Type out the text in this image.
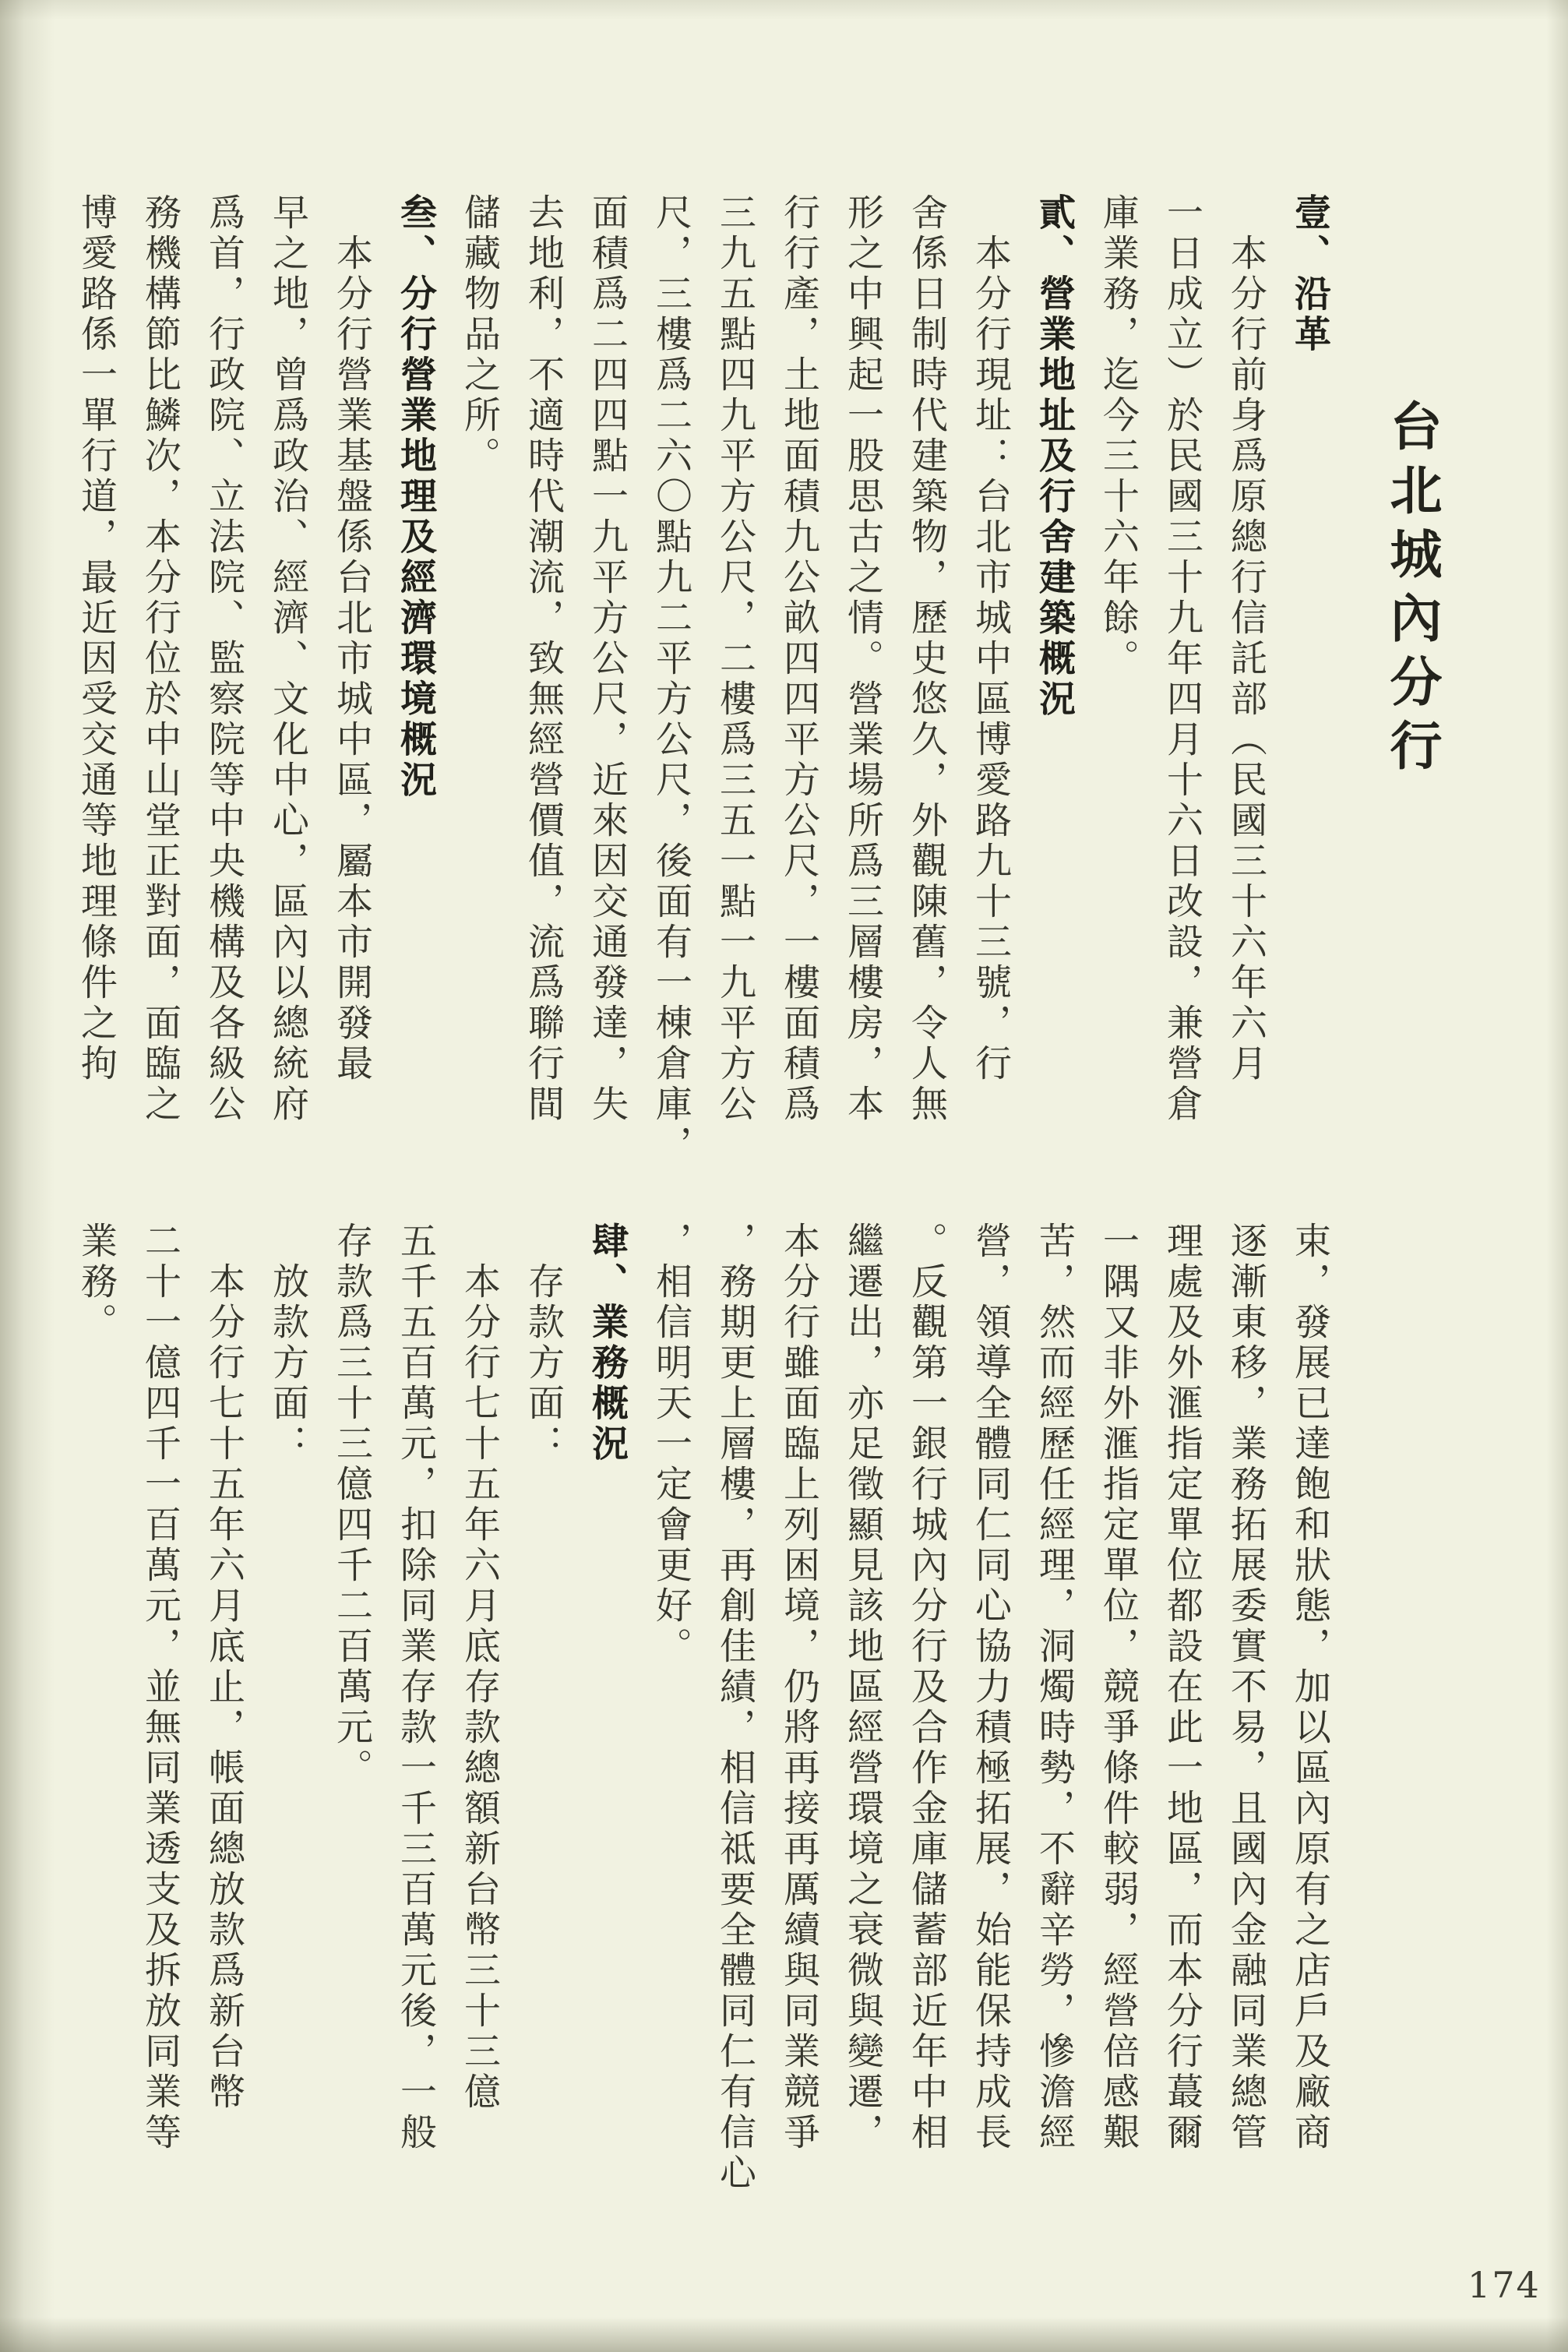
台北城內分行
壹、沿革
　本分行前身爲原總行信託部（民國三十六年六月
一日成立）於民國三十九年四月十六日改設，兼營倉
庫業務，迄今三十六年餘。
貳、營業地址及行舍建築概況
　本分行現址：台北市城中區博愛路九十三號，行
舍係日制時代建築物，歷史悠久，外觀陳舊，令人無
形之中興起一股思古之情。營業場所爲三層樓房，本
行行產，土地面積九公畝四四平方公尺，一樓面積爲
三九五點四九平方公尺，二樓爲三五一點一九平方公
尺，三樓爲二六〇點九二平方公尺，後面有一棟倉庫，
面積爲二四四點一九平方公尺，近來因交通發達，失
去地利，不適時代潮流，致無經營價值，流爲聯行間
儲藏物品之所。
叁、分行營業地理及經濟環境概況
　本分行營業基盤係台北市城中區，屬本市開發最
早之地，曾爲政治、經濟、文化中心，區內以總統府
爲首，行政院、立法院、監察院等中央機構及各級公
務機構節比鱗次，本分行位於中山堂正對面，面臨之
博愛路係一單行道，最近因受交通等地理條件之拘
束，發展已達飽和狀態，加以區內原有之店戶及廠商
逐漸東移，業務拓展委實不易，且國內金融同業總管
理處及外滙指定單位都設在此一地區，而本分行蕞爾
一隅又非外滙指定單位，競爭條件較弱，經營倍感艱
苦，然而經歷任經理，洞燭時勢，不辭辛勞，慘澹經
營，領導全體同仁同心協力積極拓展，始能保持成長
。反觀第一銀行城內分行及合作金庫儲蓄部近年中相
繼遷出，亦足徵顯見該地區經營環境之衰微與變遷，
本分行雖面臨上列困境，仍將再接再厲續與同業競爭
，務期更上層樓，再創佳績，相信祗要全體同仁有信心
，相信明天一定會更好。
肆、業務概況
　存款方面：
　本分行七十五年六月底存款總額新台幣三十三億
五千五百萬元，扣除同業存款一千三百萬元後，一般
存款爲三十三億四千二百萬元。
　放款方面：
　本分行七十五年六月底止，帳面總放款爲新台幣
二十一億四千一百萬元，並無同業透支及拆放同業等
業務。
174
